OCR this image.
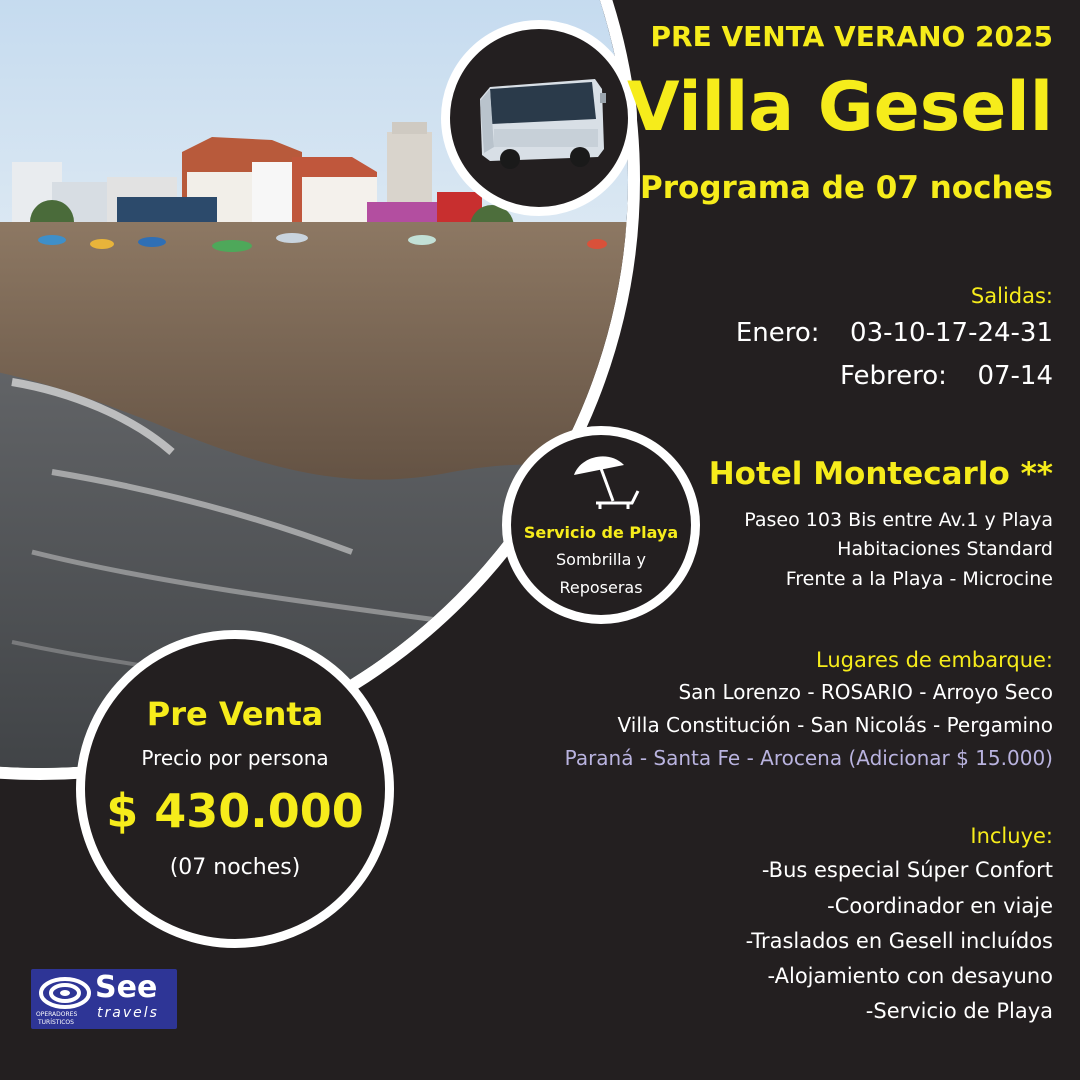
PRE VENTA VERANO 2025
Villa Gesell
Programa de 07 noches
Salidas:
Enero: 03-10-17-24-31
Febrero: 07-14
Servicio de Playa
Sombrilla y
Reposeras
Hotel Montecarlo **
Paseo 103 Bis entre Av.1 y Playa
Habitaciones Standard
Frente a la Playa - Microcine
Lugares de embarque:
San Lorenzo - ROSARIO - Arroyo Seco
Villa Constitución - San Nicolás - Pergamino
Paraná - Santa Fe - Arocena (Adicionar $ 15.000)
Pre Venta
Precio por persona
$ 430.000
(07 noches)
Incluye:
-Bus especial Súper Confort
-Coordinador en viaje
-Traslados en Gesell incluídos
-Alojamiento con desayuno
-Servicio de Playa
See
travels
OPERADORES
TURÍSTICOS
